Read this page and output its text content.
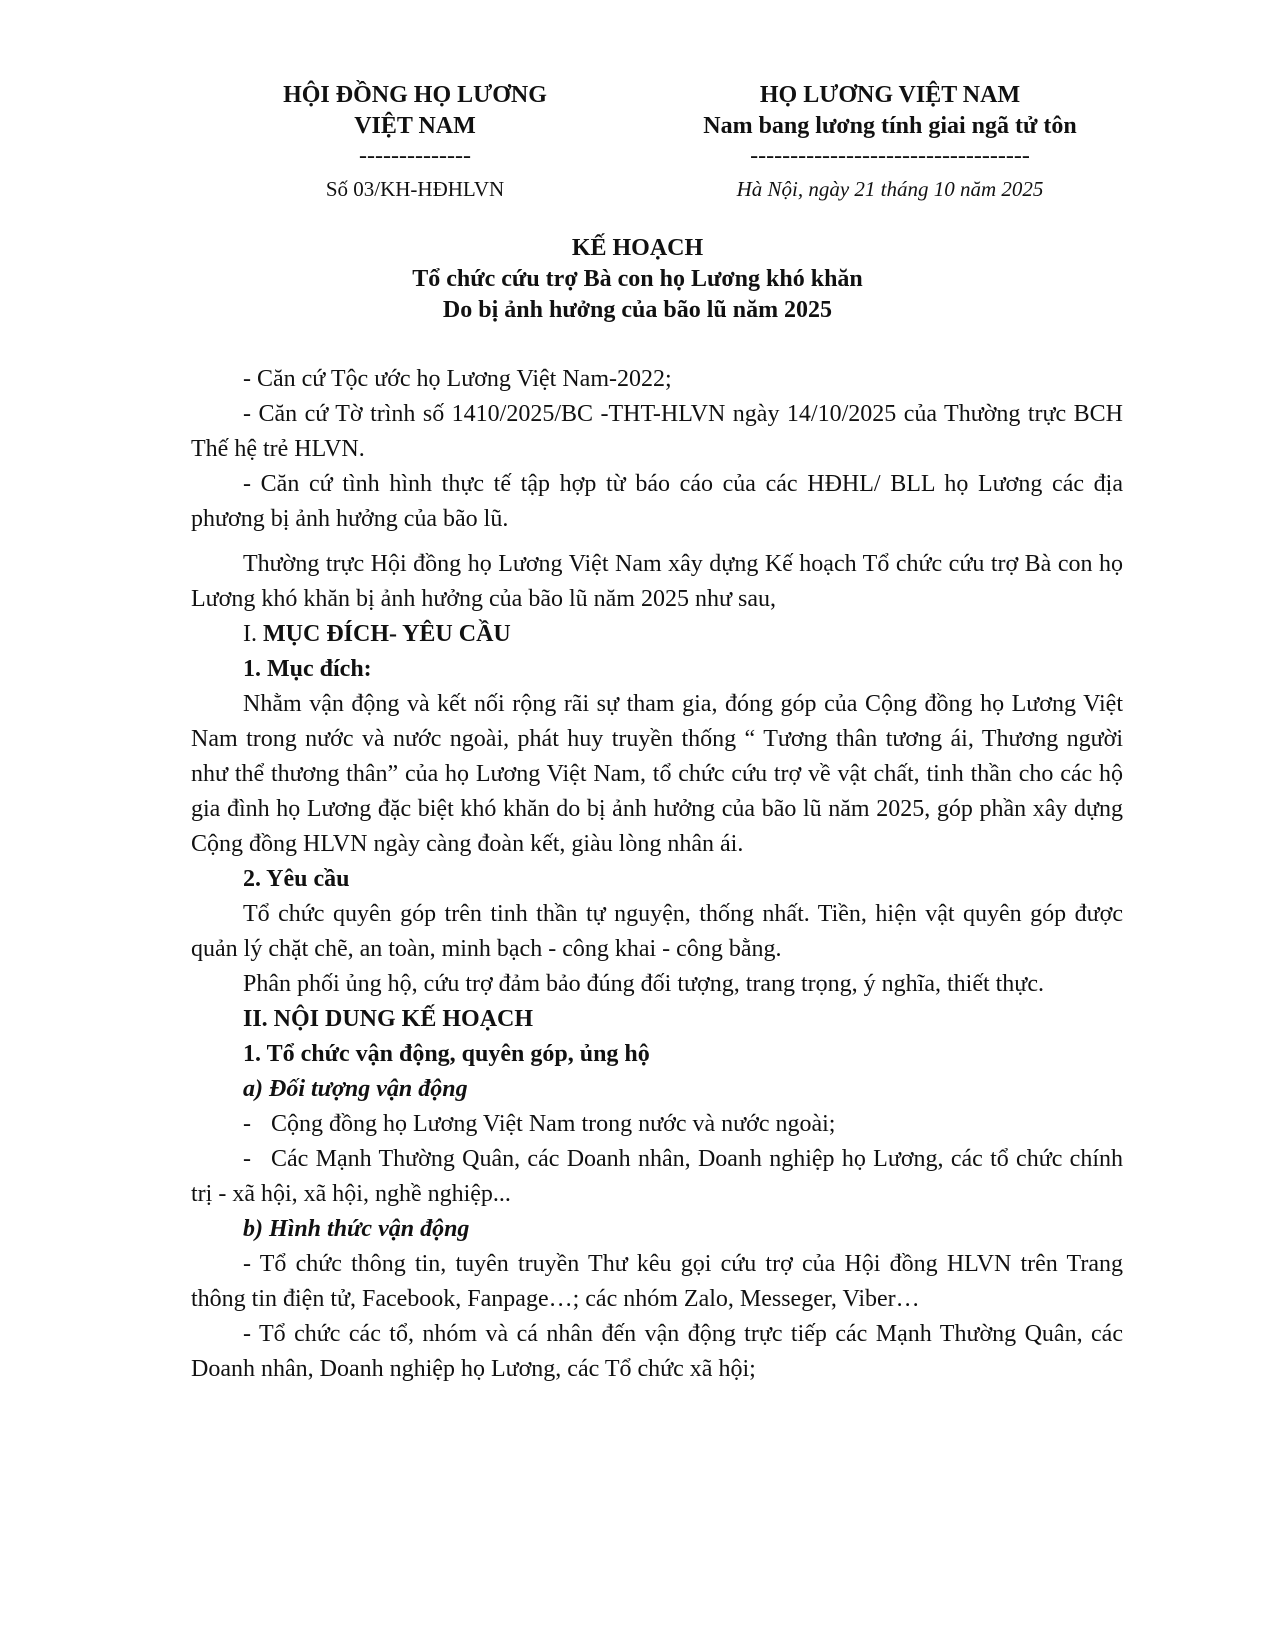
HỘI ĐỒNG HỌ LƯƠNG
VIỆT NAM
--------------
Số 03/KH-HĐHLVN
HỌ LƯƠNG VIỆT NAM
Nam bang lương tính giai ngã tử tôn
-----------------------------------
Hà Nội, ngày 21 tháng 10 năm 2025
KẾ HOẠCH
Tổ chức cứu trợ Bà con họ Lương khó khăn
Do bị ảnh hưởng của bão lũ năm 2025

- Căn cứ Tộc ước họ Lương Việt Nam-2022;

- Căn cứ Tờ trình số 1410/2025/BC -THT-HLVN ngày 14/10/2025 của Thường trực BCH Thế hệ trẻ HLVN.

- Căn cứ tình hình thực tế tập hợp từ báo cáo của các HĐHL/ BLL họ Lương các địa phương bị ảnh hưởng của bão lũ.

Thường trực Hội đồng họ Lương Việt Nam xây dựng Kế hoạch Tổ chức cứu trợ Bà con họ Lương khó khăn bị ảnh hưởng của bão lũ năm 2025 như sau,

I. MỤC ĐÍCH- YÊU CẦU

1. Mục đích:

Nhằm vận động và kết nối rộng rãi sự tham gia, đóng góp của Cộng đồng họ Lương Việt Nam trong nước và nước ngoài, phát huy truyền thống “ Tương thân tương ái, Thương người như thể thương thân” của họ Lương Việt Nam, tổ chức cứu trợ về vật chất, tinh thần cho các hộ gia đình họ Lương đặc biệt khó khăn do bị ảnh hưởng của bão lũ năm 2025, góp phần xây dựng Cộng đồng HLVN ngày càng đoàn kết, giàu lòng nhân ái.

2. Yêu cầu

Tổ chức quyên góp trên tinh thần tự nguyện, thống nhất. Tiền, hiện vật quyên góp được quản lý chặt chẽ, an toàn, minh bạch - công khai - công bằng.

Phân phối ủng hộ, cứu trợ đảm bảo đúng đối tượng, trang trọng, ý nghĩa, thiết thực.

II. NỘI DUNG KẾ HOẠCH

1. Tổ chức vận động, quyên góp, ủng hộ

a) Đối tượng vận động

- Cộng đồng họ Lương Việt Nam trong nước và nước ngoài;

- Các Mạnh Thường Quân, các Doanh nhân, Doanh nghiệp họ Lương, các tổ chức chính trị - xã hội, xã hội, nghề nghiệp...

b) Hình thức vận động

- Tổ chức thông tin, tuyên truyền Thư kêu gọi cứu trợ của Hội đồng HLVN trên Trang thông tin điện tử, Facebook, Fanpage…; các nhóm Zalo, Messeger, Viber…

- Tổ chức các tổ, nhóm và cá nhân đến vận động trực tiếp các Mạnh Thường Quân, các Doanh nhân, Doanh nghiệp họ Lương, các Tổ chức xã hội;
